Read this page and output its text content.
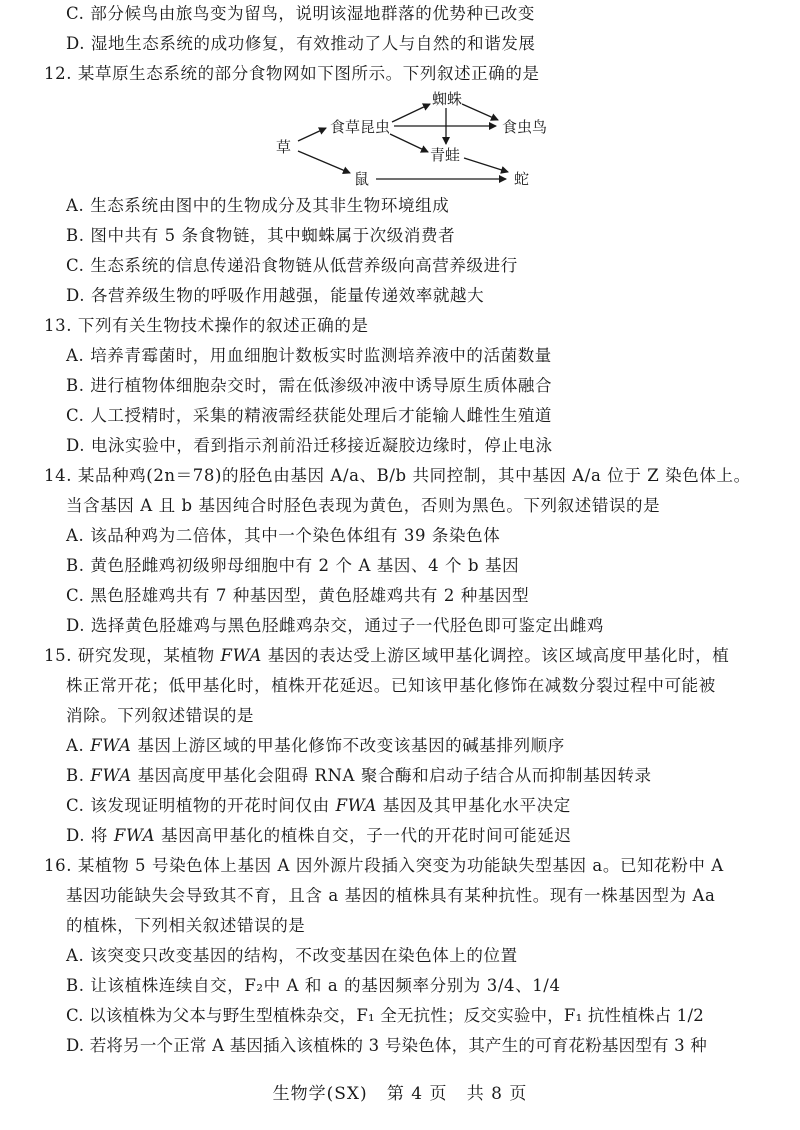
C. 部分候鸟由旅鸟变为留鸟，说明该湿地群落的优势种已改变
D. 湿地生态系统的成功修复，有效推动了人与自然的和谐发展
12. 某草原生态系统的部分食物网如下图所示。下列叙述正确的是
草
食草昆虫
蜘蛛
食虫鸟
青蛙
鼠	蛇
A. 生态系统由图中的生物成分及其非生物环境组成
B. 图中共有 5 条食物链，其中蜘蛛属于次级消费者
C. 生态系统的信息传递沿食物链从低营养级向高营养级进行
D. 各营养级生物的呼吸作用越强，能量传递效率就越大
13. 下列有关生物技术操作的叙述正确的是
A. 培养青霉菌时，用血细胞计数板实时监测培养液中的活菌数量
B. 进行植物体细胞杂交时，需在低渗级冲液中诱导原生质体融合
C. 人工授精时，采集的精液需经获能处理后才能输人雌性生殖道
D. 电泳实验中，看到指示剂前沿迁移接近凝胶边缘时，停止电泳
14. 某品种鸡(2n＝78)的胫色由基因 A/a、B/b 共同控制，其中基因 A/a 位于 Z 染色体上。
当含基因 A 且 b 基因纯合时胫色表现为黄色，否则为黑色。下列叙述错误的是
A. 该品种鸡为二倍体，其中一个染色体组有 39 条染色体
B. 黄色胫雌鸡初级卵母细胞中有 2 个 A 基因、4 个 b 基因
C. 黑色胫雄鸡共有 7 种基因型，黄色胫雄鸡共有 2 种基因型
D. 选择黄色胫雄鸡与黑色胫雌鸡杂交，通过子一代胫色即可鉴定出雌鸡
15. 研究发现，某植物 FWA 基因的表达受上游区域甲基化调控。该区域高度甲基化时，植
株正常开花；低甲基化时，植株开花延迟。已知该甲基化修饰在减数分裂过程中可能被
消除。下列叙述错误的是
A. FWA 基因上游区域的甲基化修饰不改变该基因的碱基排列顺序
B. FWA 基因高度甲基化会阻碍 RNA 聚合酶和启动子结合从而抑制基因转录
C. 该发现证明植物的开花时间仅由 FWA 基因及其甲基化水平决定
D. 将 FWA 基因高甲基化的植株自交，子一代的开花时间可能延迟
16. 某植物 5 号染色体上基因 A 因外源片段插入突变为功能缺失型基因 a。已知花粉中 A
基因功能缺失会导致其不育，且含 a 基因的植株具有某种抗性。现有一株基因型为 Aa
的植株，下列相关叙述错误的是
A. 该突变只改变基因的结构，不改变基因在染色体上的位置
B. 让该植株连续自交，F₂中 A 和 a 的基因频率分别为 3/4、1/4
C. 以该植株为父本与野生型植株杂交，F₁ 全无抗性；反交实验中，F₁ 抗性植株占 1/2
D. 若将另一个正常 A 基因插入该植株的 3 号染色体，其产生的可育花粉基因型有 3 种
生物学(SX)   第 4 页   共 8 页
